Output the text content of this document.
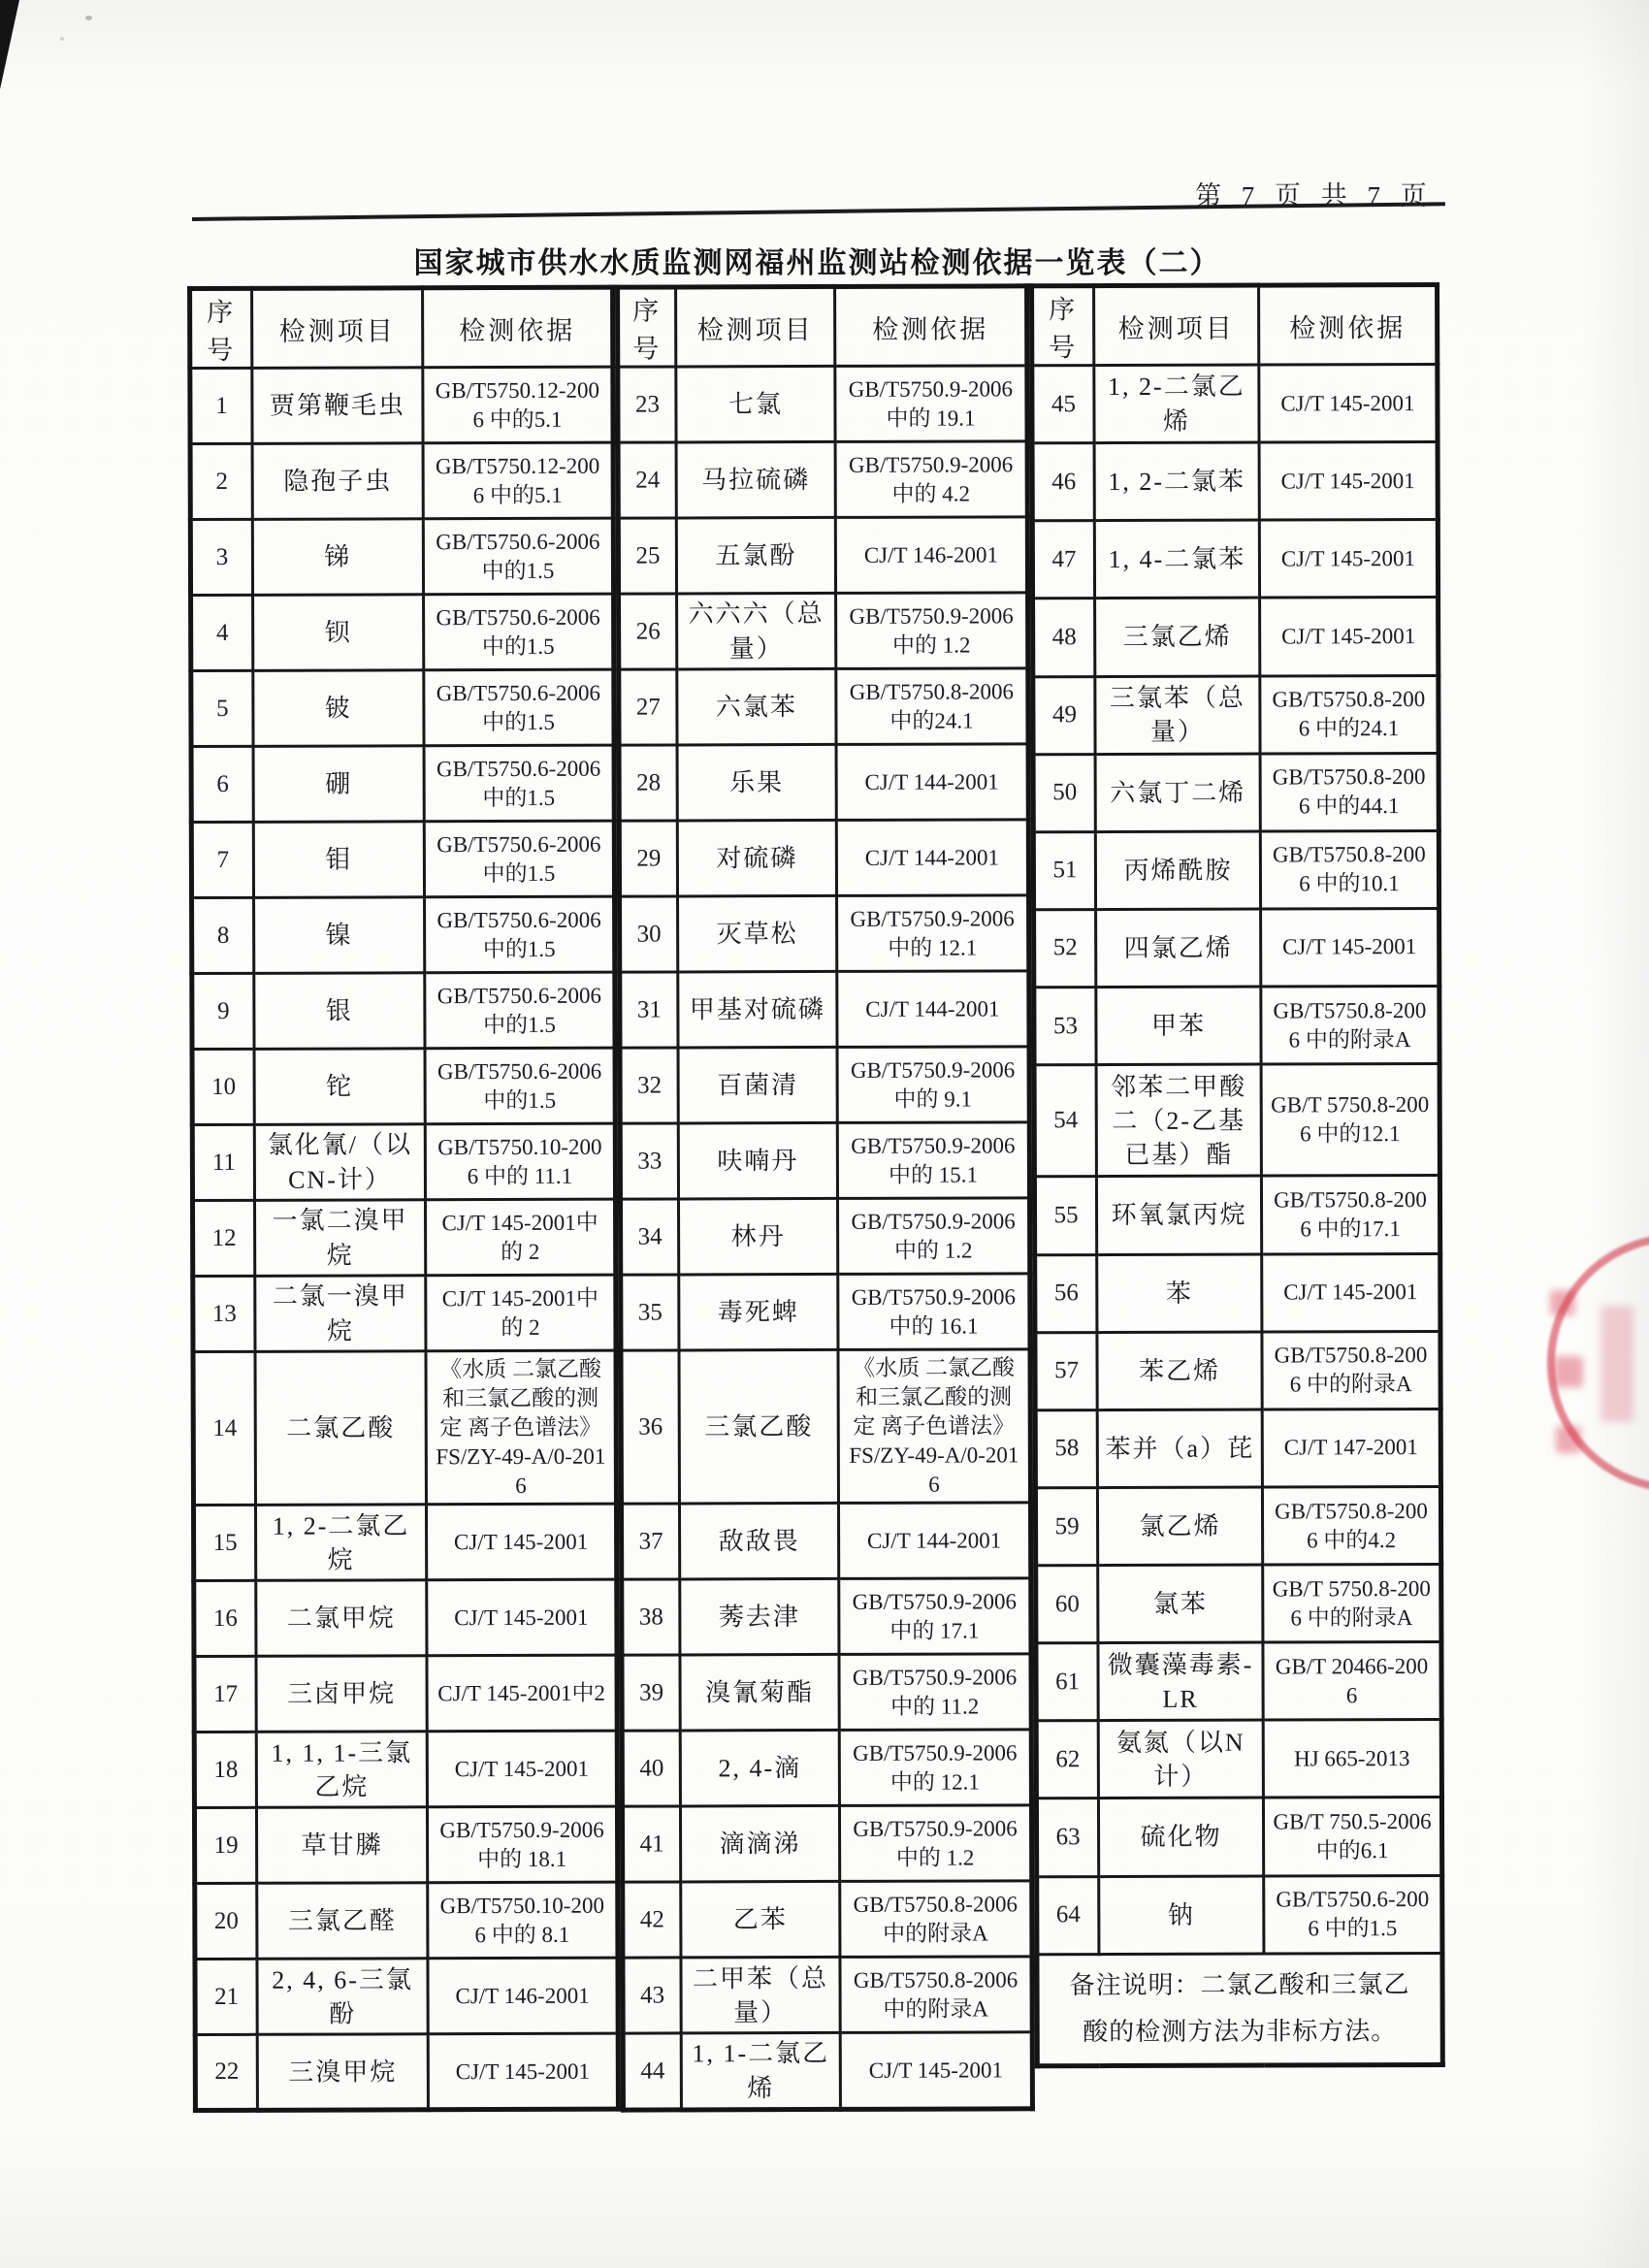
第 7 页 共 7 页
国家城市供水水质监测网福州监测站检测依据一览表（二）
序号	检测项目	检测依据
1	贾第鞭毛虫	GB/T5750.12-2006 中的5.1
2	隐孢子虫	GB/T5750.12-2006 中的5.1
3	锑	GB/T5750.6-2006 中的1.5
4	钡	GB/T5750.6-2006 中的1.5
5	铍	GB/T5750.6-2006 中的1.5
6	硼	GB/T5750.6-2006 中的1.5
7	钼	GB/T5750.6-2006 中的1.5
8	镍	GB/T5750.6-2006 中的1.5
9	银	GB/T5750.6-2006 中的1.5
10	铊	GB/T5750.6-2006 中的1.5
11	氯化氰/（以CN-计）	GB/T5750.10-2006 中的 11.1
12	一氯二溴甲烷	CJ/T 145-2001中的 2
13	二氯一溴甲烷	CJ/T 145-2001中的 2
14	二氯乙酸	《水质 二氯乙酸和三氯乙酸的测定 离子色谱法》FS/ZY-49-A/0-2016
15	1, 2-二氯乙烷	CJ/T 145-2001
16	二氯甲烷	CJ/T 145-2001
17	三卤甲烷	CJ/T 145-2001中2
18	1, 1, 1-三氯乙烷	CJ/T 145-2001
19	草甘膦	GB/T5750.9-2006 中的 18.1
20	三氯乙醛	GB/T5750.10-2006 中的 8.1
21	2, 4, 6-三氯酚	CJ/T 146-2001
22	三溴甲烷	CJ/T 145-2001
序号	检测项目	检测依据
23	七氯	GB/T5750.9-2006中的 19.1
24	马拉硫磷	GB/T5750.9-2006中的 4.2
25	五氯酚	CJ/T 146-2001
26	六六六（总量）	GB/T5750.9-2006中的 1.2
27	六氯苯	GB/T5750.8-2006 中的24.1
28	乐果	CJ/T 144-2001
29	对硫磷	CJ/T 144-2001
30	灭草松	GB/T5750.9-2006中的 12.1
31	甲基对硫磷	CJ/T 144-2001
32	百菌清	GB/T5750.9-2006中的 9.1
33	呋喃丹	GB/T5750.9-2006中的 15.1
34	林丹	GB/T5750.9-2006中的 1.2
35	毒死蜱	GB/T5750.9-2006中的 16.1
36	三氯乙酸	《水质 二氯乙酸和三氯乙酸的测定 离子色谱法》FS/ZY-49-A/0-2016
37	敌敌畏	CJ/T 144-2001
38	莠去津	GB/T5750.9-2006中的 17.1
39	溴氰菊酯	GB/T5750.9-2006中的 11.2
40	2, 4-滴	GB/T5750.9-2006中的 12.1
41	滴滴涕	GB/T5750.9-2006中的 1.2
42	乙苯	GB/T5750.8-2006 中的附录A
43	二甲苯（总量）	GB/T5750.8-2006 中的附录A
44	1, 1-二氯乙烯	CJ/T 145-2001
序号	检测项目	检测依据
45	1, 2-二氯乙烯	CJ/T 145-2001
46	1, 2-二氯苯	CJ/T 145-2001
47	1, 4-二氯苯	CJ/T 145-2001
48	三氯乙烯	CJ/T 145-2001
49	三氯苯（总量）	GB/T5750.8-2006 中的24.1
50	六氯丁二烯	GB/T5750.8-2006 中的44.1
51	丙烯酰胺	GB/T5750.8-2006 中的10.1
52	四氯乙烯	CJ/T 145-2001
53	甲苯	GB/T5750.8-2006 中的附录A
54	邻苯二甲酸二（2-乙基已基）酯	GB/T 5750.8-2006 中的12.1
55	环氧氯丙烷	GB/T5750.8-2006 中的17.1
56	苯	CJ/T 145-2001
57	苯乙烯	GB/T5750.8-2006 中的附录A
58	苯并（a）芘	CJ/T 147-2001
59	氯乙烯	GB/T5750.8-2006 中的4.2
60	氯苯	GB/T 5750.8-2006 中的附录A
61	微囊藻毒素-LR	GB/T 20466-2006
62	氨氮（以N计）	HJ 665-2013
63	硫化物	GB/T 750.5-2006中的6.1
64	钠	GB/T5750.6-2006 中的1.5
备注说明：二氯乙酸和三氯乙酸的检测方法为非标方法。		
